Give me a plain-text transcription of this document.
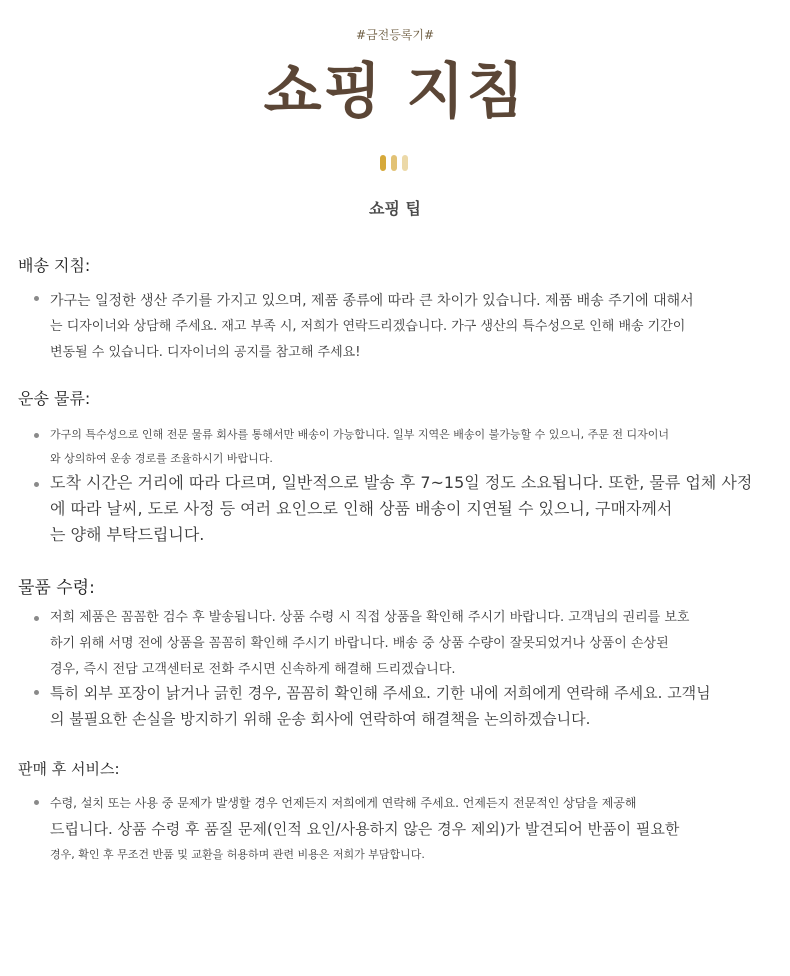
#금전등록기#
쇼핑 지침
쇼핑 팁
배송 지침:
가구는 일정한 생산 주기를 가지고 있으며, 제품 종류에 따라 큰 차이가 있습니다. 제품 배송 주기에 대해서
는 디자이너와 상담해 주세요. 재고 부족 시, 저희가 연락드리겠습니다. 가구 생산의 특수성으로 인해 배송 기간이
변동될 수 있습니다. 디자이너의 공지를 참고해 주세요!
운송 물류:
가구의 특수성으로 인해 전문 물류 회사를 통해서만 배송이 가능합니다. 일부 지역은 배송이 불가능할 수 있으니, 주문 전 디자이너
와 상의하여 운송 경로를 조율하시기 바랍니다.
도착 시간은 거리에 따라 다르며, 일반적으로 발송 후 7~15일 정도 소요됩니다. 또한, 물류 업체 사정
에 따라 날씨, 도로 사정 등 여러 요인으로 인해 상품 배송이 지연될 수 있으니, 구매자께서
는 양해 부탁드립니다.
물품 수령:
저희 제품은 꼼꼼한 검수 후 발송됩니다. 상품 수령 시 직접 상품을 확인해 주시기 바랍니다. 고객님의 권리를 보호
하기 위해 서명 전에 상품을 꼼꼼히 확인해 주시기 바랍니다. 배송 중 상품 수량이 잘못되었거나 상품이 손상된
경우, 즉시 전담 고객센터로 전화 주시면 신속하게 해결해 드리겠습니다.
특히 외부 포장이 낡거나 긁힌 경우, 꼼꼼히 확인해 주세요. 기한 내에 저희에게 연락해 주세요. 고객님
의 불필요한 손실을 방지하기 위해 운송 회사에 연락하여 해결책을 논의하겠습니다.
판매 후 서비스:
수령, 설치 또는 사용 중 문제가 발생할 경우 언제든지 저희에게 연락해 주세요. 언제든지 전문적인 상담을 제공해
드립니다. 상품 수령 후 품질 문제(인적 요인/사용하지 않은 경우 제외)가 발견되어 반품이 필요한
경우, 확인 후 무조건 반품 및 교환을 허용하며 관련 비용은 저희가 부담합니다.
